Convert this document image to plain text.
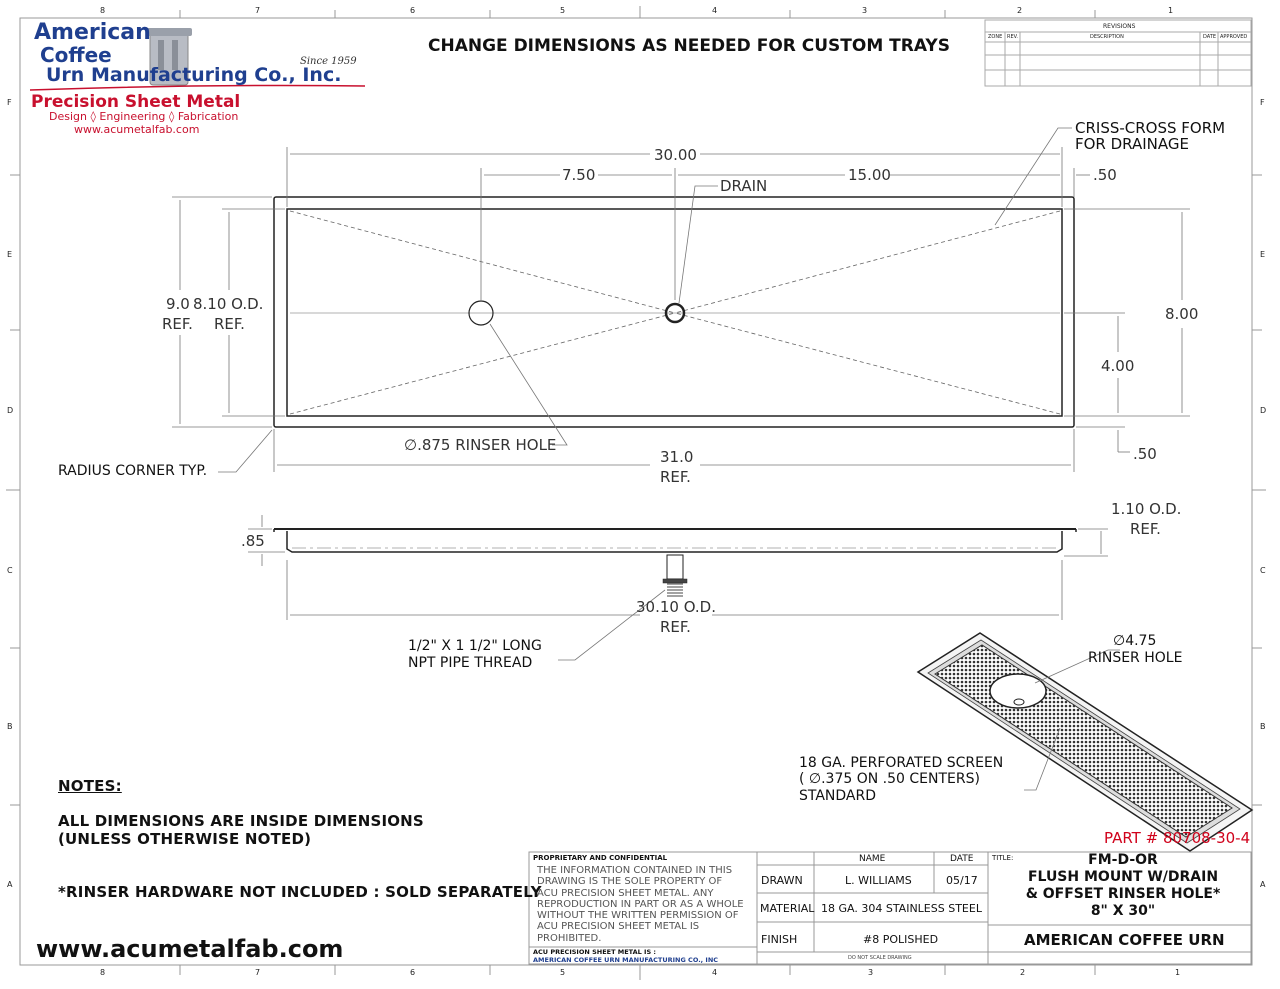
American
Coffee
Urn Manufacturing Co., Inc.
Since 1959
Precision Sheet Metal
Design ◊ Engineering ◊ Fabrication
www.acumetalfab.com
CHANGE DIMENSIONS AS NEEDED FOR CUSTOM TRAYS
REVISIONS
ZONE REV.	DESCRIPTION	DATE APPROVED
8	7	6	5	4	3	2	1
8	7	6	5	4	3	2	1
F
E
D
C
B
A
F
E
D
C
B
A
30.00
7.50	15.00
DRAIN
CRISS-CROSS FORM
FOR DRAINAGE
.50
9.0 8.10 O.D.
REF. REF.
8.00
4.00
.50
∅.875 RINSER HOLE
31.0
REF.
RADIUS CORNER TYP.
1.10 O.D.
REF.
.85
30.10 O.D.
REF.
1/2" X 1 1/2" LONG
NPT PIPE THREAD
∅4.75
RINSER HOLE
18 GA. PERFORATED SCREEN
( ∅.375 ON .50 CENTERS)
STANDARD
NOTES:
ALL DIMENSIONS ARE INSIDE DIMENSIONS
(UNLESS OTHERWISE NOTED)
*RINSER HARDWARE NOT INCLUDED : SOLD SEPARATELY
www.acumetalfab.com
PART # 80708-30-4
PROPRIETARY AND CONFIDENTIAL
THE INFORMATION CONTAINED IN THIS
DRAWING IS THE SOLE PROPERTY OF
ACU PRECISION SHEET METAL. ANY
REPRODUCTION IN PART OR AS A WHOLE
WITHOUT THE WRITTEN PERMISSION OF
ACU PRECISION SHEET METAL IS
PROHIBITED.
ACU PRECISION SHEET METAL IS :
AMERICAN COFFEE URN MANUFACTURING CO., INC
NAME	DATE
DRAWN	L. WILLIAMS	05/17
MATERIAL 18 GA. 304 STAINLESS STEEL
FINISH	#8 POLISHED
DO NOT SCALE DRAWING
TITLE:	FM-D-OR
FLUSH MOUNT W/DRAIN
& OFFSET RINSER HOLE*
8" X 30"
AMERICAN COFFEE URN
